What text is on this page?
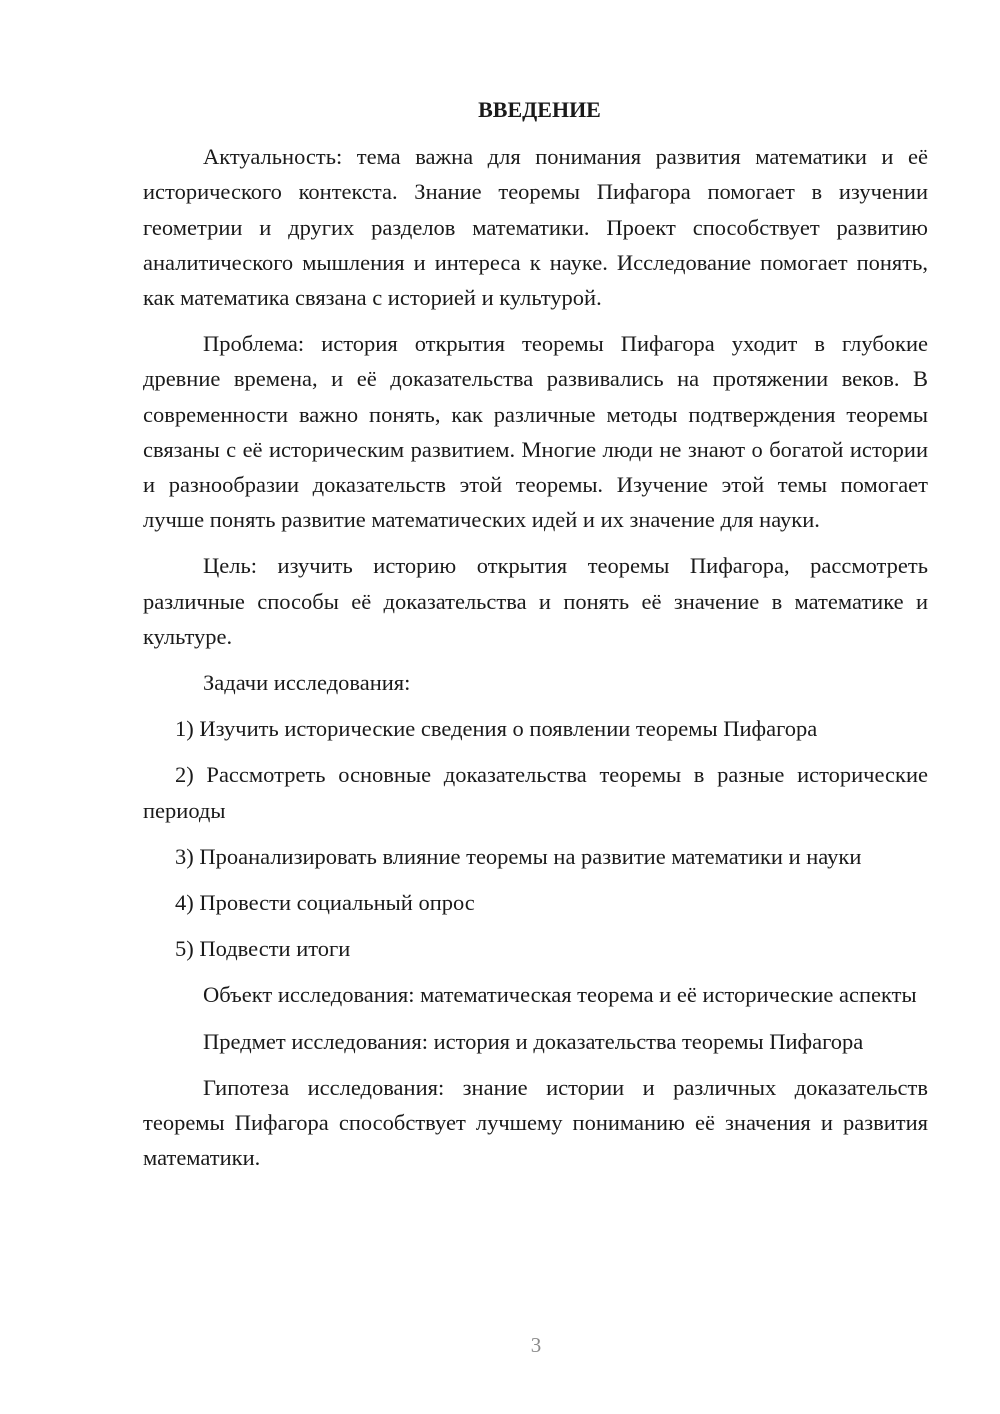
ВВЕДЕНИЕ

Актуальность: тема важна для понимания развития математики и её исторического контекста. Знание теоремы Пифагора помогает в изучении геометрии и других разделов математики. Проект способствует развитию аналитического мышления и интереса к науке. Исследование помогает понять, как математика связана с историей и культурой.

Проблема: история открытия теоремы Пифагора уходит в глубокие древние времена, и её доказательства развивались на протяжении веков. В современности важно понять, как различные методы подтверждения теоремы связаны с её историческим развитием. Многие люди не знают о богатой истории и разнообразии доказательств этой теоремы. Изучение этой темы помогает лучше понять развитие математических идей и их значение для науки.

Цель: изучить историю открытия теоремы Пифагора, рассмотреть различные способы её доказательства и понять её значение в математике и культуре.

Задачи исследования:

1) Изучить исторические сведения о появлении теоремы Пифагора

2) Рассмотреть основные доказательства теоремы в разные исторические периоды

3) Проанализировать влияние теоремы на развитие математики и науки

4) Провести социальный опрос

5) Подвести итоги

Объект исследования: математическая теорема и её исторические аспекты

Предмет исследования: история и доказательства теоремы Пифагора

Гипотеза исследования: знание истории и различных доказательств теоремы Пифагора способствует лучшему пониманию её значения и развития математики.

3
